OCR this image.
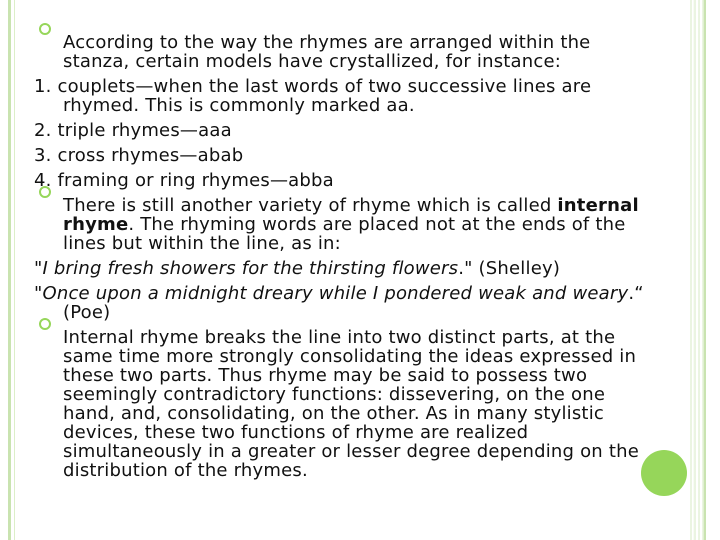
According to the way the rhymes are arranged within the stanza, certain models have crystallized, for instance:

1. couplets—when the last words of two successive lines are rhymed. This is commonly marked aa.

2. triple rhymes—aaa

3. cross rhymes—abab

4. framing or ring rhymes—abba

There is still another variety of rhyme which is called internal rhyme. The rhyming words are placed not at the ends of the lines but within the line, as in:

"I bring fresh showers for the thirsting flowers." (Shelley)

"Once upon a midnight dreary while I pondered weak and weary.“ (Poe)

Internal rhyme breaks the line into two distinct parts, at the same time more strongly consolidating the ideas expressed in these two parts. Thus rhyme may be said to possess two seemingly contradictory functions: dissevering, on the one hand, and, consolidating, on the other. As in many stylistic devices, these two functions of rhyme are realized simultaneously in a greater or lesser degree depending on the distribution of the rhymes.
